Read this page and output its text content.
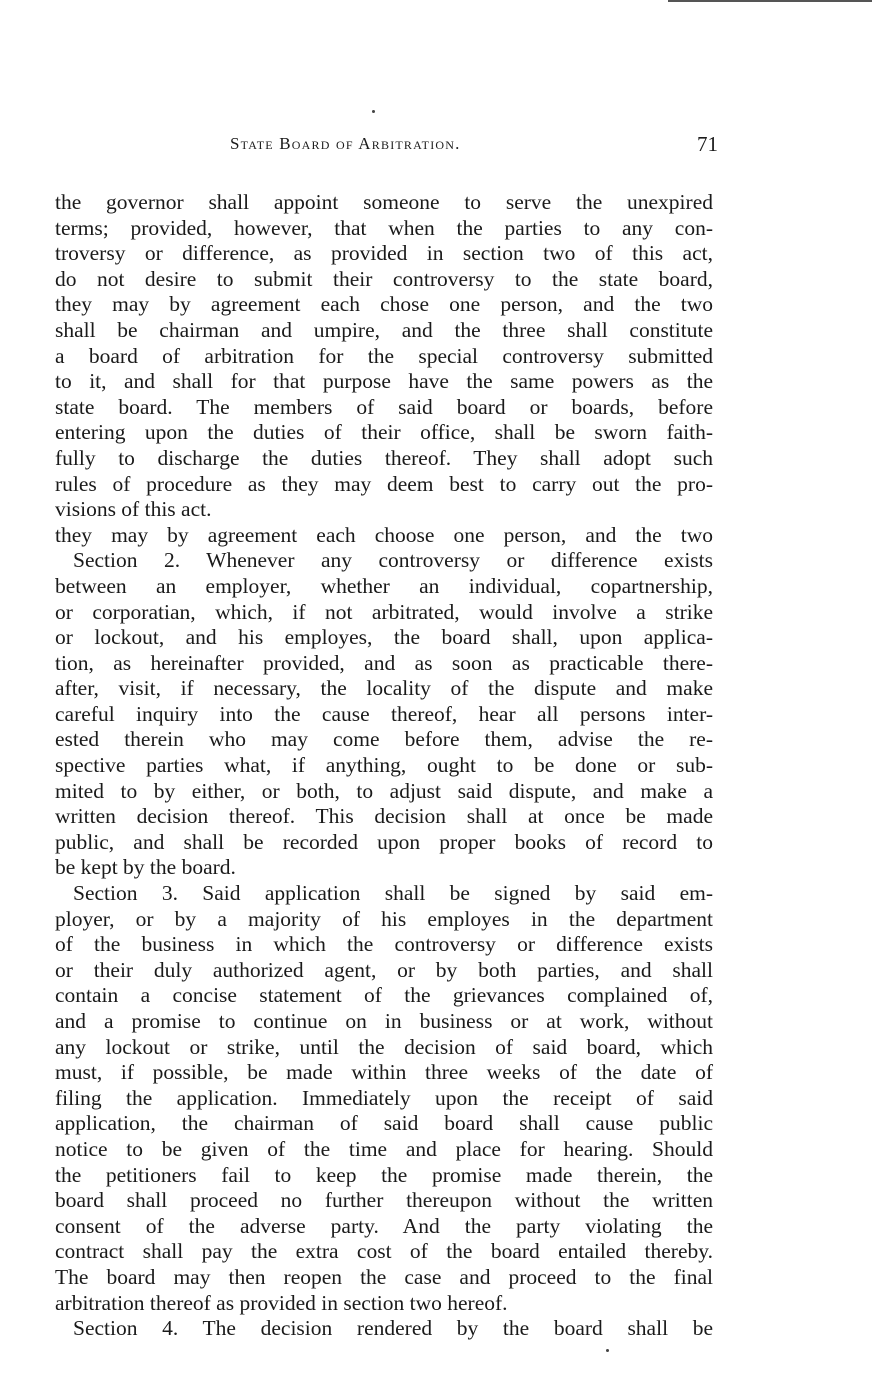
State Board of Arbitration.	71
the governor shall appoint someone to serve the unexpired
terms; provided, however, that when the parties to any con-
troversy or difference, as provided in section two of this act,
do not desire to submit their controversy to the state board,
they may by agreement each chose one person, and the two
shall be chairman and umpire, and the three shall constitute
a board of arbitration for the special controversy submitted
to it, and shall for that purpose have the same powers as the
state board. The members of said board or boards, before
entering upon the duties of their office, shall be sworn faith-
fully to discharge the duties thereof. They shall adopt such
rules of procedure as they may deem best to carry out the pro-
visions of this act.
they may by agreement each choose one person, and the two
Section 2. Whenever any controversy or difference exists
between an employer, whether an individual, copartnership,
or corporatian, which, if not arbitrated, would involve a strike
or lockout, and his employes, the board shall, upon applica-
tion, as hereinafter provided, and as soon as practicable there-
after, visit, if necessary, the locality of the dispute and make
careful inquiry into the cause thereof, hear all persons inter-
ested therein who may come before them, advise the re-
spective parties what, if anything, ought to be done or sub-
mited to by either, or both, to adjust said dispute, and make a
written decision thereof. This decision shall at once be made
public, and shall be recorded upon proper books of record to
be kept by the board.
Section 3. Said application shall be signed by said em-
ployer, or by a majority of his employes in the department
of the business in which the controversy or difference exists
or their duly authorized agent, or by both parties, and shall
contain a concise statement of the grievances complained of,
and a promise to continue on in business or at work, without
any lockout or strike, until the decision of said board, which
must, if possible, be made within three weeks of the date of
filing the application. Immediately upon the receipt of said
application, the chairman of said board shall cause public
notice to be given of the time and place for hearing. Should
the petitioners fail to keep the promise made therein, the
board shall proceed no further thereupon without the written
consent of the adverse party. And the party violating the
contract shall pay the extra cost of the board entailed thereby.
The board may then reopen the case and proceed to the final
arbitration thereof as provided in section two hereof.
Section 4. The decision rendered by the board shall be
